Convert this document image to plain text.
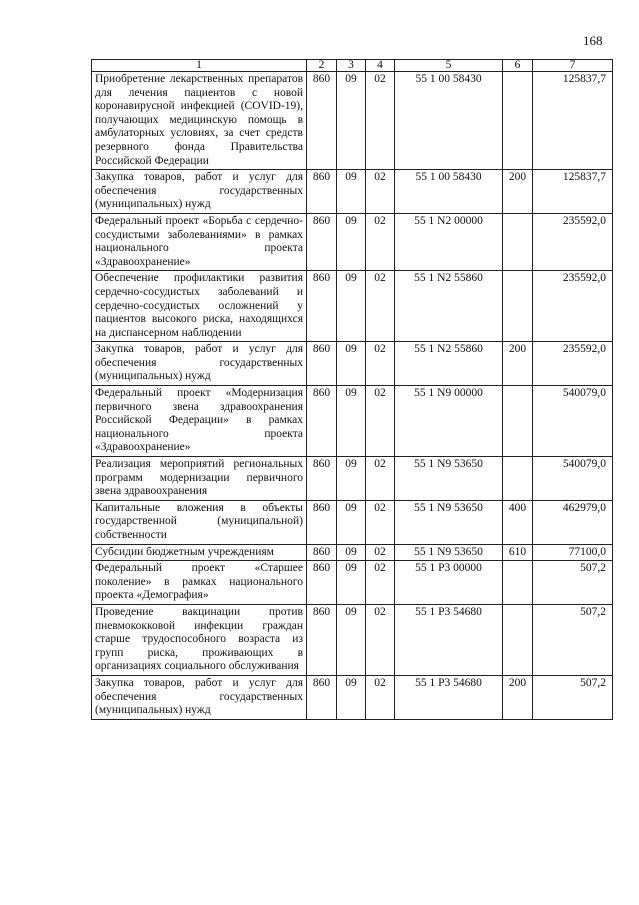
168
1	2	3	4	5	6	7
Приобретение лекарственных препаратов для лечения пациентов с новой коронавирусной инфекцией (COVID-19), получающих медицинскую помощь в амбулаторных условиях, за счет средств резервного фонда Правительства Российской Федерации	860	09	02	55 1 00 58430		125837,7
Закупка товаров, работ и услуг для обеспечения государственных (муниципальных) нужд	860	09	02	55 1 00 58430	200	125837,7
Федеральный проект «Борьба с сердечно-сосудистыми заболеваниями» в рамках национального проекта «Здравоохранение»	860	09	02	55 1 N2 00000		235592,0
Обеспечение профилактики развития сердечно-сосудистых заболеваний и сердечно-сосудистых осложнений у пациентов высокого риска, находящихся на диспансерном наблюдении	860	09	02	55 1 N2 55860		235592,0
Закупка товаров, работ и услуг для обеспечения государственных (муниципальных) нужд	860	09	02	55 1 N2 55860	200	235592,0
Федеральный проект «Модернизация первичного звена здравоохранения Российской Федерации» в рамках национального проекта «Здравоохранение»	860	09	02	55 1 N9 00000		540079,0
Реализация мероприятий региональных программ модернизации первичного звена здравоохранения	860	09	02	55 1 N9 53650		540079,0
Капитальные вложения в объекты государственной (муниципальной) собственности	860	09	02	55 1 N9 53650	400	462979,0
Субсидии бюджетным учреждениям	860	09	02	55 1 N9 53650	610	77100,0
Федеральный проект «Старшее поколение» в рамках национального проекта «Демография»	860	09	02	55 1 P3 00000		507,2
Проведение вакцинации против пневмококковой инфекции граждан старше трудоспособного возраста из групп риска, проживающих в организациях социального обслуживания	860	09	02	55 1 P3 54680		507,2
Закупка товаров, работ и услуг для обеспечения государственных (муниципальных) нужд	860	09	02	55 1 P3 54680	200	507,2
